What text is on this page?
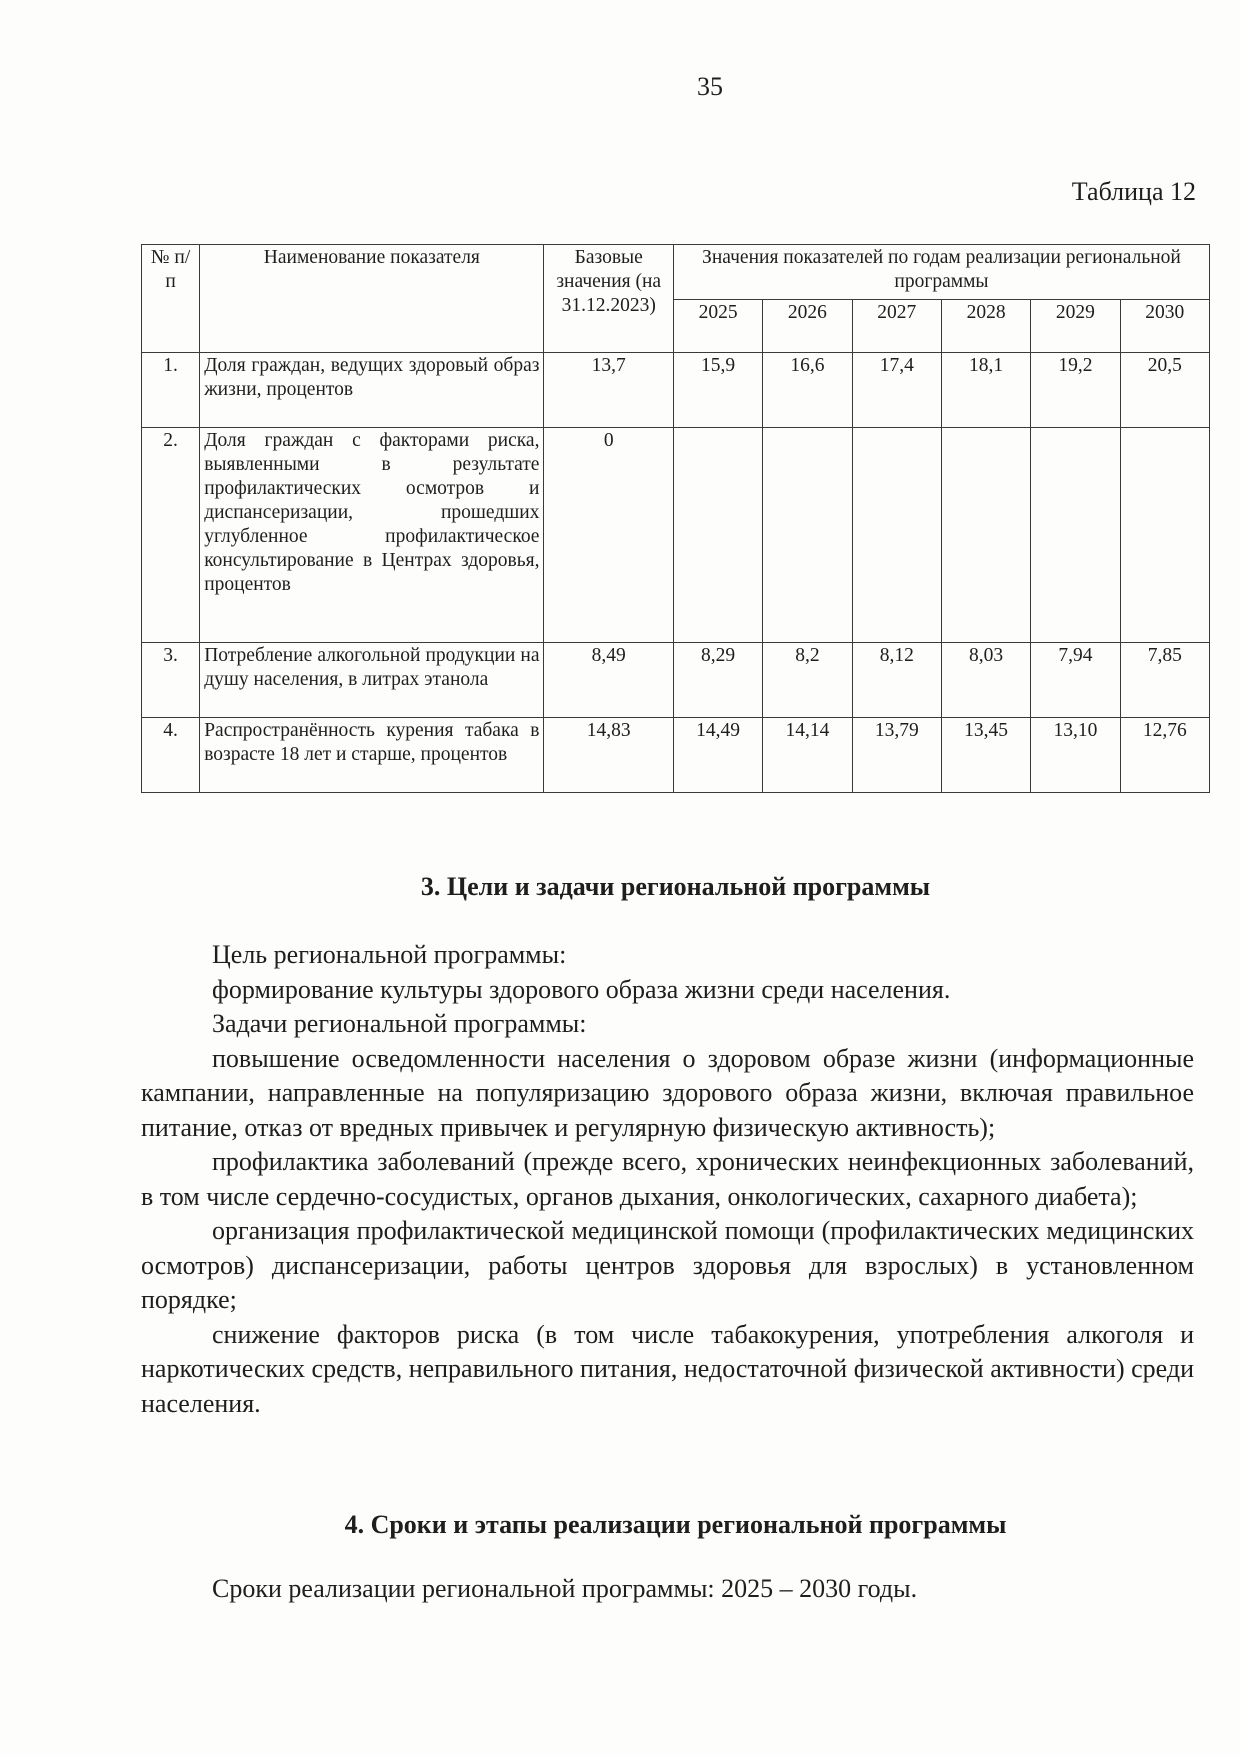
35
Таблица 12
№ п/п	Наименование показателя	Базовые значения (на 31.12.2023)	Значения показателей по годам реализации региональной программы					
			2025	2026	2027	2028	2029	2030
1.	Доля граждан, ведущих здоровый образ жизни, процентов	13,7	15,9	16,6	17,4	18,1	19,2	20,5
2.	Доля граждан с факторами риска, выявленными в результате профилактических осмотров и диспансеризации, прошедших углубленное профилактическое консультирование в Центрах здоровья, процентов	0						
3.	Потребление алкогольной продукции на душу населения, в литрах этанола	8,49	8,29	8,2	8,12	8,03	7,94	7,85
4.	Распространённость курения табака в возрасте 18 лет и старше, процентов	14,83	14,49	14,14	13,79	13,45	13,10	12,76
3. Цели и задачи региональной программы

Цель региональной программы:

формирование культуры здорового образа жизни среди населения.

Задачи региональной программы:

повышение осведомленности населения о здоровом образе жизни (информационные кампании, направленные на популяризацию здорового образа жизни, включая правильное питание, отказ от вредных привычек и регулярную физическую активность);

профилактика заболеваний (прежде всего, хронических неинфекционных заболеваний, в том числе сердечно-сосудистых, органов дыхания, онкологических, сахарного диабета);

организация профилактической медицинской помощи (профилактических медицинских осмотров) диспансеризации, работы центров здоровья для взрослых) в установленном порядке;

снижение факторов риска (в том числе табакокурения, употребления алкоголя и наркотических средств, неправильного питания, недостаточной физической активности) среди населения.

4. Сроки и этапы реализации региональной программы

Сроки реализации региональной программы: 2025 – 2030 годы.
